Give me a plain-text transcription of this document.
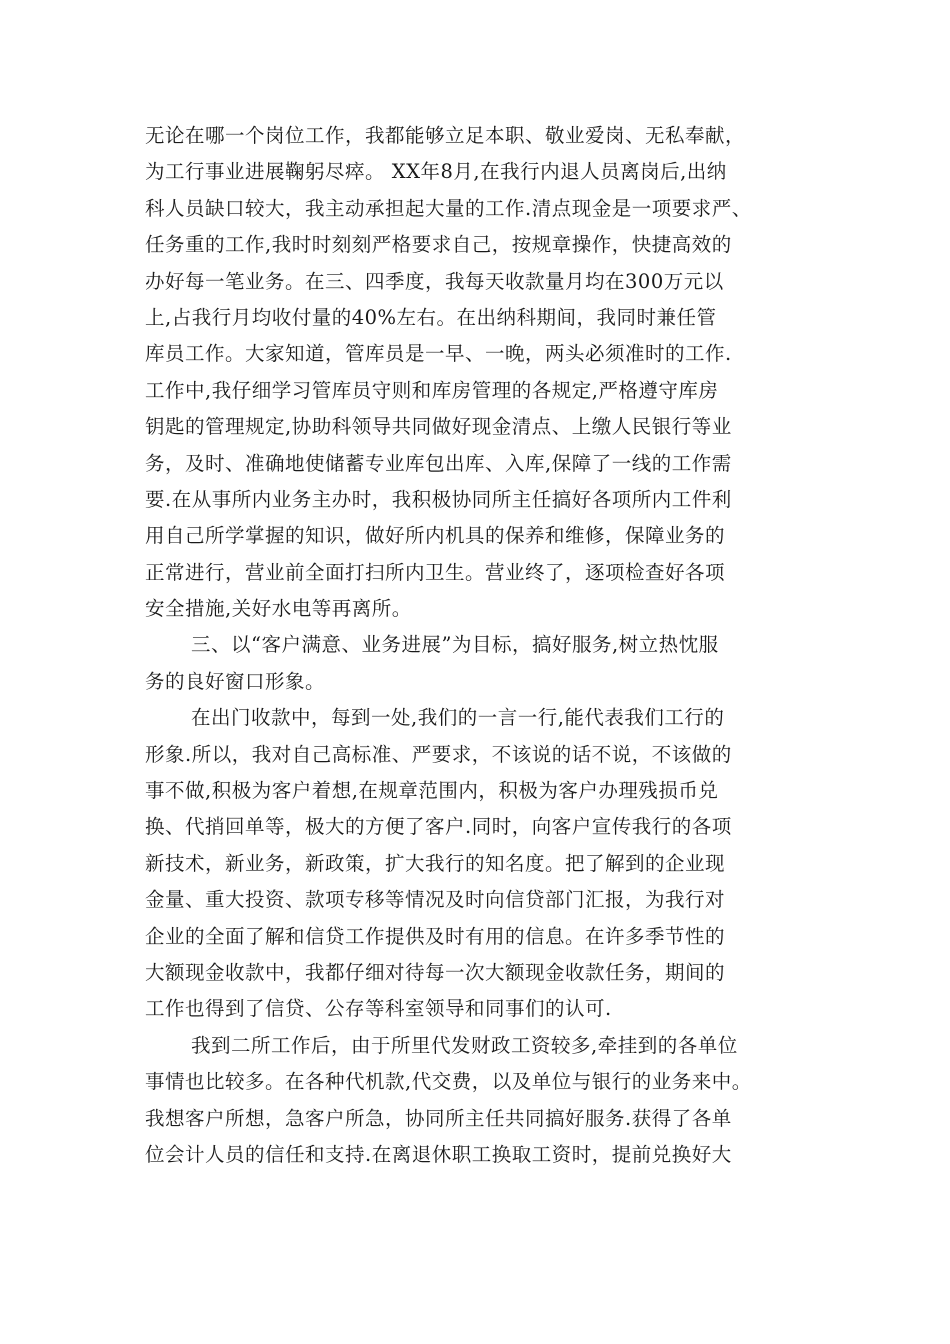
无论在哪一个岗位工作，我都能够立足本职、敬业爱岗、无私奉献，
为工行事业进展鞠躬尽瘁。 XX年8月,在我行内退人员离岗后,出纳
科人员缺口较大，我主动承担起大量的工作.清点现金是一项要求严、
任务重的工作,我时时刻刻严格要求自己，按规章操作，快捷高效的
办好每一笔业务。在三、四季度，我每天收款量月均在300万元以
上,占我行月均收付量的40%左右。在出纳科期间，我同时兼任管
库员工作。大家知道，管库员是一早、一晚，两头必须准时的工作.
工作中,我仔细学习管库员守则和库房管理的各规定,严格遵守库房
钥匙的管理规定,协助科领导共同做好现金清点、上缴人民银行等业
务，及时、准确地使储蓄专业库包出库、入库,保障了一线的工作需
要.在从事所内业务主办时，我积极协同所主任搞好各项所内工件利
用自己所学掌握的知识，做好所内机具的保养和维修，保障业务的
正常进行，营业前全面打扫所内卫生。营业终了，逐项检查好各项
安全措施,关好水电等再离所。
三、以“客户满意、业务进展”为目标，搞好服务,树立热忱服
务的良好窗口形象。
在出门收款中，每到一处,我们的一言一行,能代表我们工行的
形象.所以，我对自己高标准、严要求，不该说的话不说，不该做的
事不做,积极为客户着想,在规章范围内，积极为客户办理残损币兑
换、代捎回单等，极大的方便了客户.同时，向客户宣传我行的各项
新技术，新业务，新政策，扩大我行的知名度。把了解到的企业现
金量、重大投资、款项专移等情况及时向信贷部门汇报，为我行对
企业的全面了解和信贷工作提供及时有用的信息。在许多季节性的
大额现金收款中，我都仔细对待每一次大额现金收款任务，期间的
工作也得到了信贷、公存等科室领导和同事们的认可.
我到二所工作后，由于所里代发财政工资较多,牵挂到的各单位
事情也比较多。在各种代机款,代交费，以及单位与银行的业务来中。
我想客户所想，急客户所急，协同所主任共同搞好服务.获得了各单
位会计人员的信任和支持.在离退休职工换取工资时，提前兑换好大
